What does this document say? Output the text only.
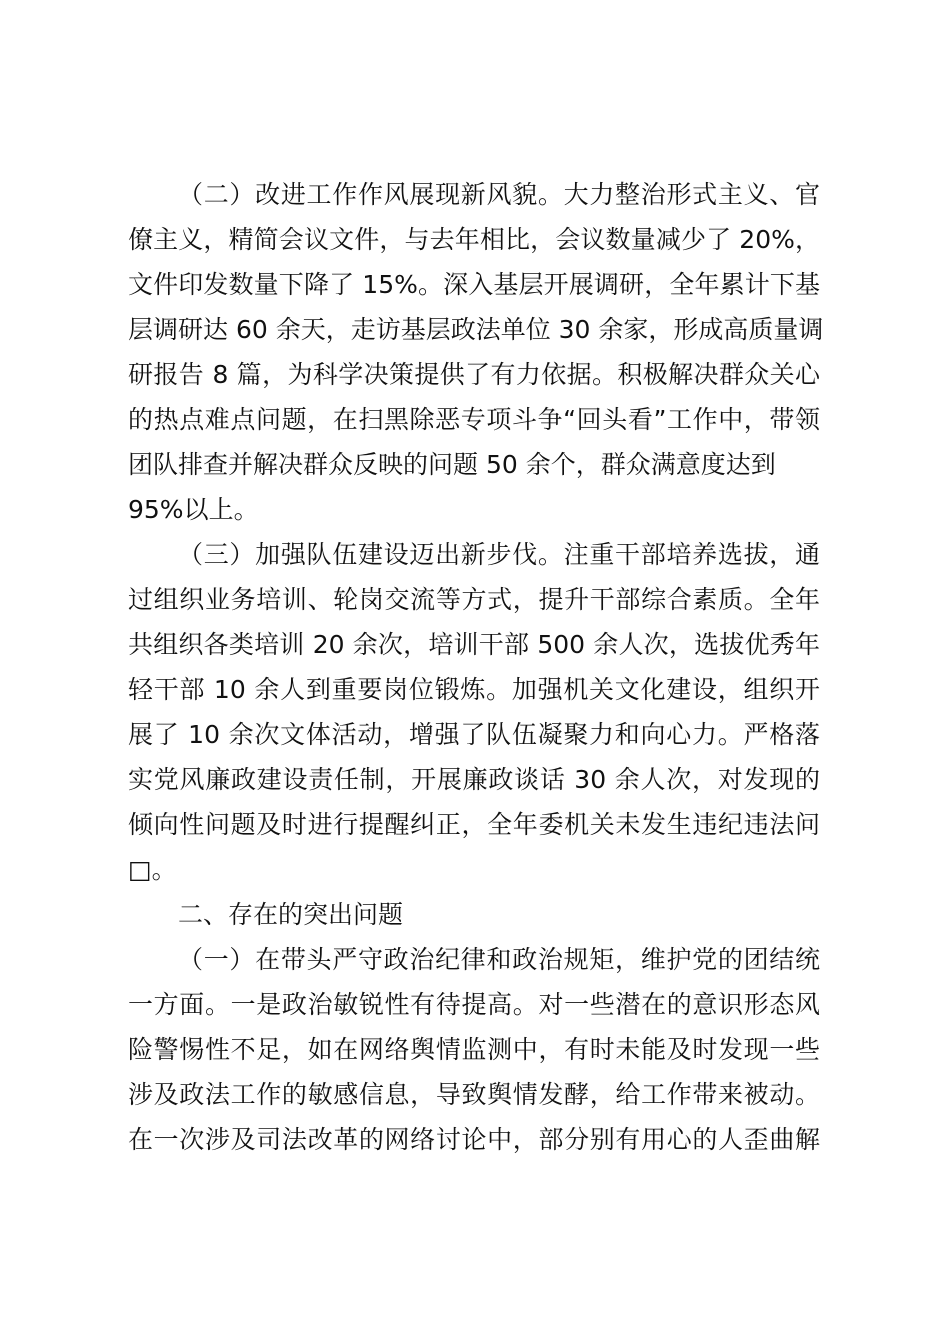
（二）改进工作作风展现新风貌。大力整治形式主义、官
僚主义，精简会议文件，与去年相比，会议数量减少了 20%，
文件印发数量下降了 15%。深入基层开展调研，全年累计下基
层调研达 60 余天，走访基层政法单位 30 余家，形成高质量调
研报告 8 篇，为科学决策提供了有力依据。积极解决群众关心
的热点难点问题，在扫黑除恶专项斗争“回头看”工作中，带领
团队排查并解决群众反映的问题 50 余个，群众满意度达到
95%以上。
（三）加强队伍建设迈出新步伐。注重干部培养选拔，通
过组织业务培训、轮岗交流等方式，提升干部综合素质。全年
共组织各类培训 20 余次，培训干部 500 余人次，选拔优秀年
轻干部 10 余人到重要岗位锻炼。加强机关文化建设，组织开
展了 10 余次文体活动，增强了队伍凝聚力和向心力。严格落
实党风廉政建设责任制，开展廉政谈话 30 余人次，对发现的
倾向性问题及时进行提醒纠正，全年委机关未发生违纪违法问
□。
二、存在的突出问题
（一）在带头严守政治纪律和政治规矩，维护党的团结统
一方面。一是政治敏锐性有待提高。对一些潜在的意识形态风
险警惕性不足，如在网络舆情监测中，有时未能及时发现一些
涉及政法工作的敏感信息，导致舆情发酵，给工作带来被动。
在一次涉及司法改革的网络讨论中，部分别有用心的人歪曲解
